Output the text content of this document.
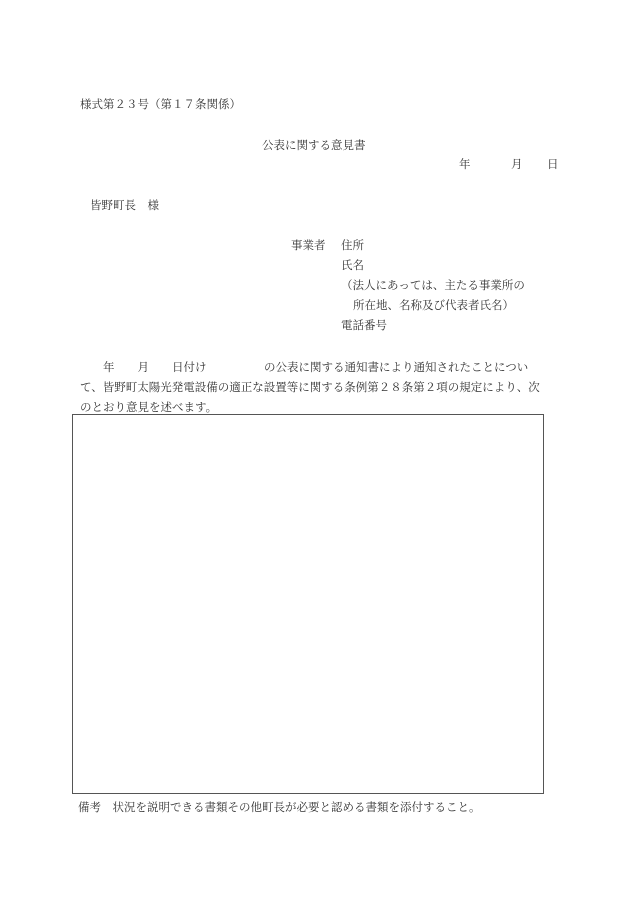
様式第２３号（第１７条関係）
公表に関する意見書
年	月 日
皆野町長　様
事業者	住所
氏名
（法人にあっては、主たる事業所の
所在地、名称及び代表者氏名）
電話番号
　　年　　月　　日付け　　　　　の公表に関する通知書により通知されたことについ
て、皆野町太陽光発電設備の適正な設置等に関する条例第２８条第２項の規定により、次
のとおり意見を述べます。
備考　状況を説明できる書類その他町長が必要と認める書類を添付すること。
